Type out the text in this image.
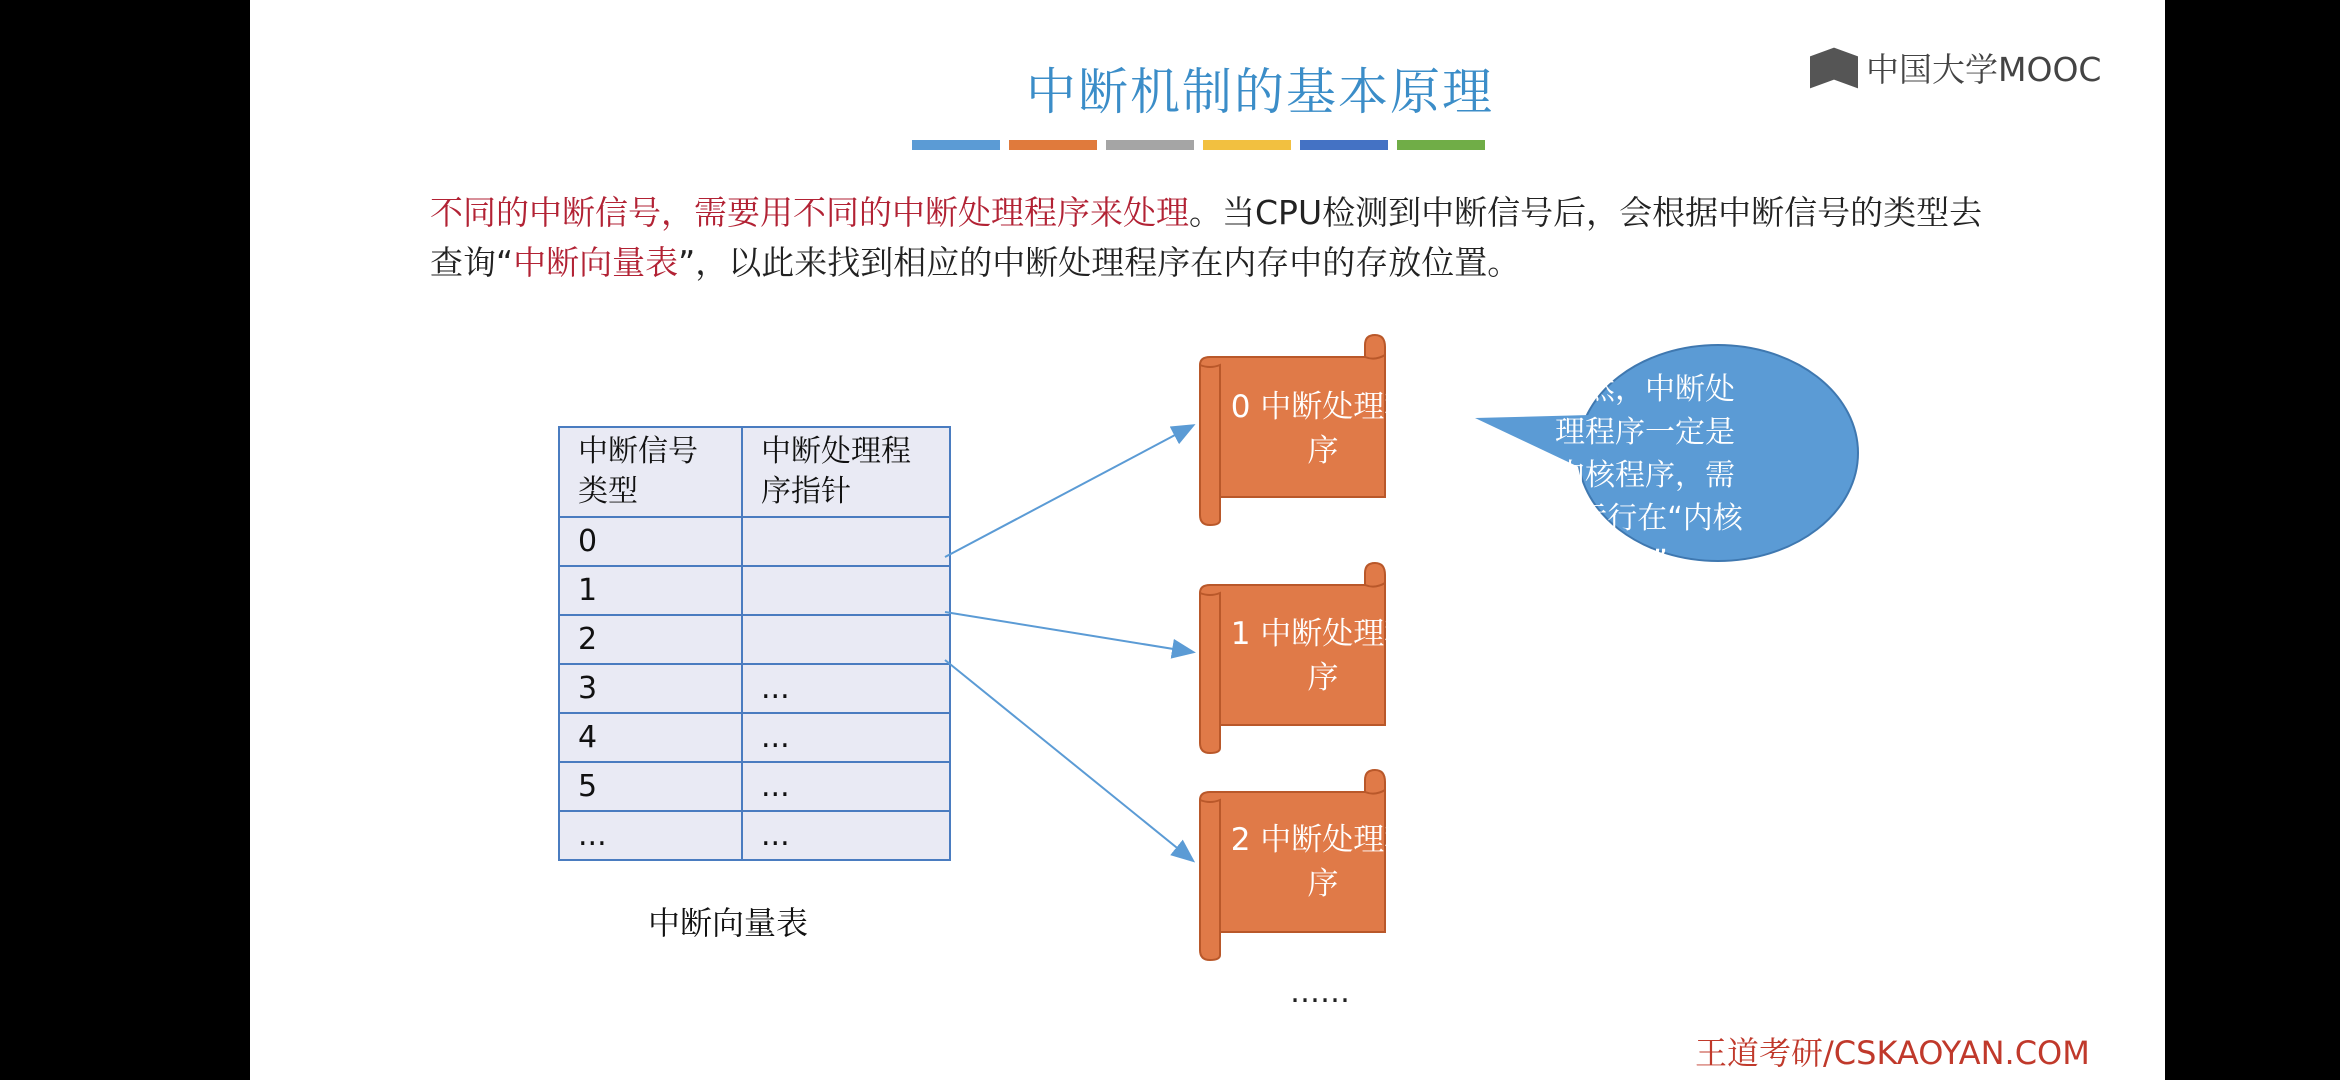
中断机制的基本原理	中国大学MOOC
不同的中断信号，需要用不同的中断处理程序来处理。当CPU检测到中断信号后，会根据中断信号的类型去查询“中断向量表”，以此来找到相应的中断处理程序在内存中的存放位置。
中断信号类型	中断处理程序指针
0	
1	
2	
3	...
4	...
5	...
...	...
中断向量表
0 中断处理程序
1 中断处理程序
2 中断处理程序
显然，中断处理程序一定是内核程序，需要运行在“内核态”
……
王道考研/CSKAOYAN.COM
